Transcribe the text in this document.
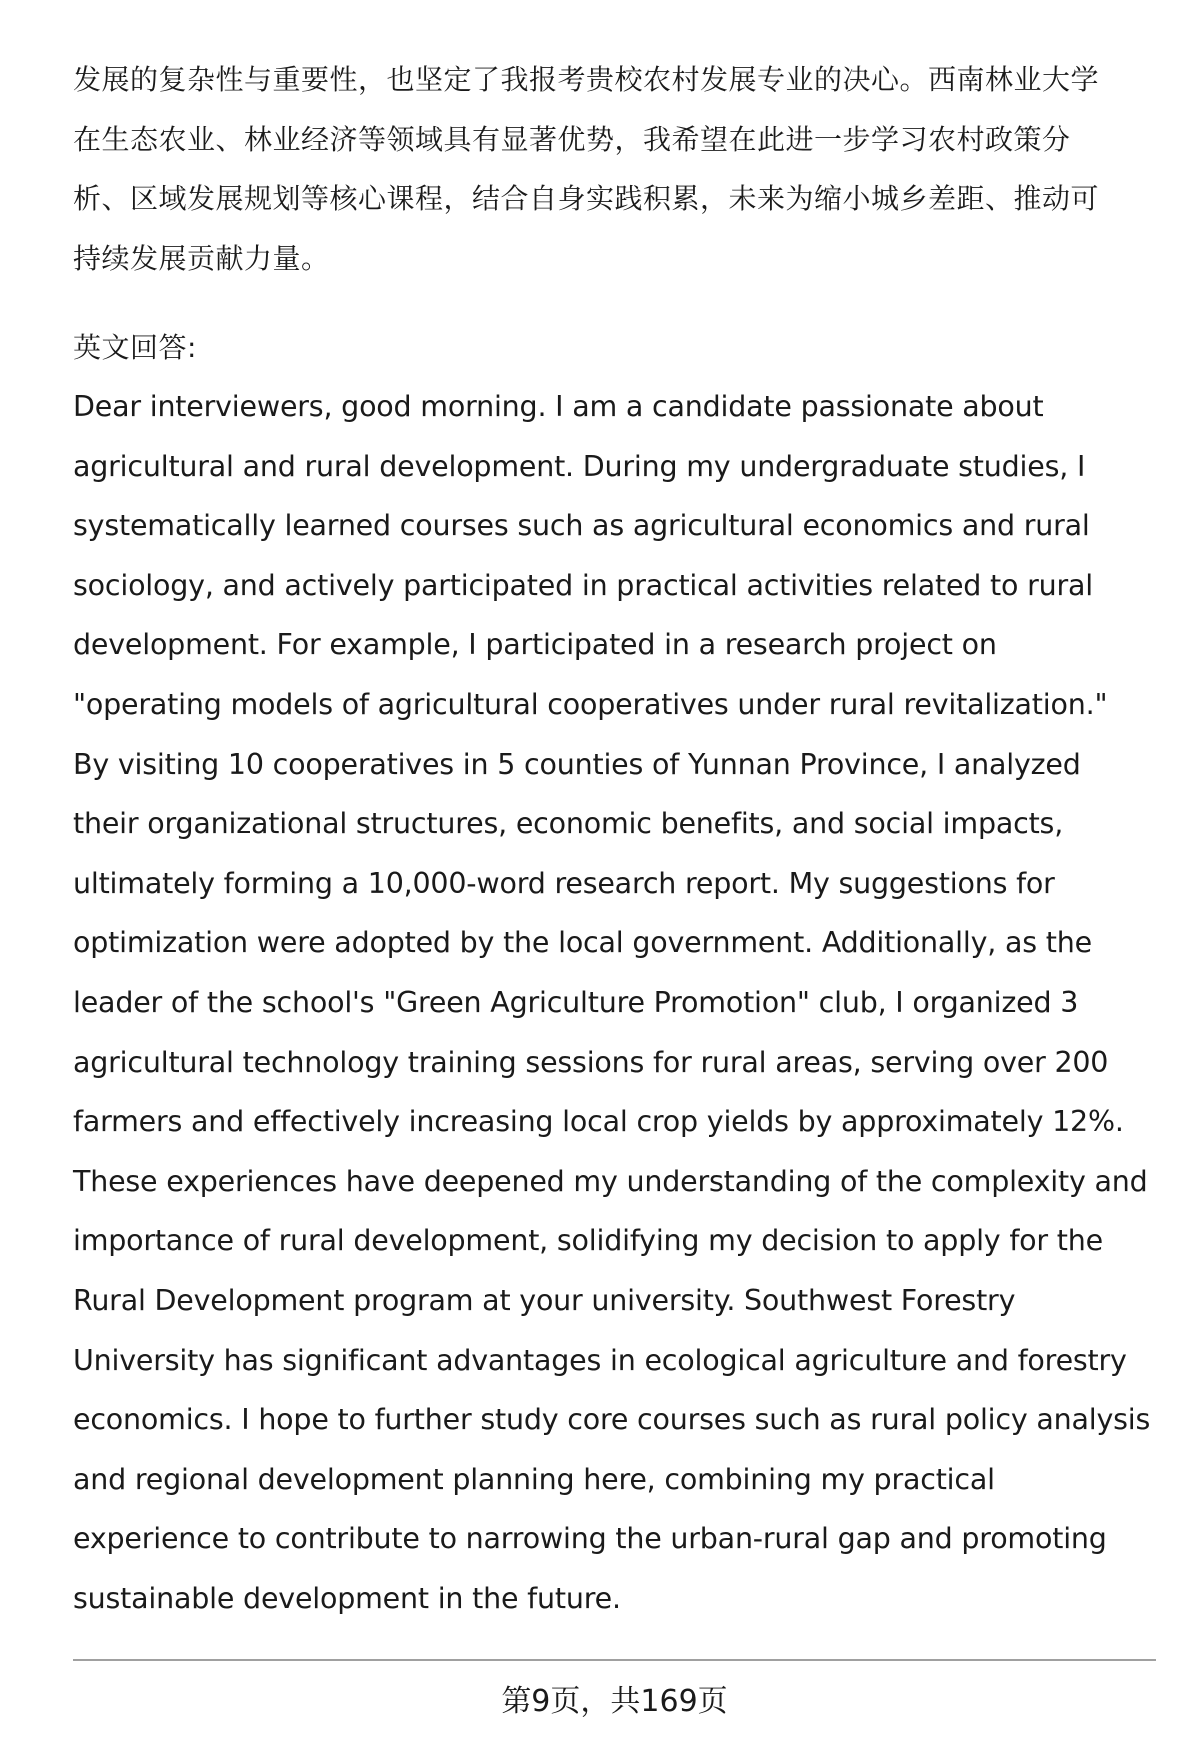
发展的复杂性与重要性，也坚定了我报考贵校农村发展专业的决心。西南林业大学
在生态农业、林业经济等领域具有显著优势，我希望在此进一步学习农村政策分
析、区域发展规划等核心课程，结合自身实践积累，未来为缩小城乡差距、推动可
持续发展贡献力量。
英文回答:
Dear interviewers, good morning. I am a candidate passionate about
agricultural and rural development. During my undergraduate studies, I
systematically learned courses such as agricultural economics and rural
sociology, and actively participated in practical activities related to rural
development. For example, I participated in a research project on
"operating models of agricultural cooperatives under rural revitalization."
By visiting 10 cooperatives in 5 counties of Yunnan Province, I analyzed
their organizational structures, economic benefits, and social impacts,
ultimately forming a 10,000-word research report. My suggestions for
optimization were adopted by the local government. Additionally, as the
leader of the school's "Green Agriculture Promotion" club, I organized 3
agricultural technology training sessions for rural areas, serving over 200
farmers and effectively increasing local crop yields by approximately 12%.
These experiences have deepened my understanding of the complexity and
importance of rural development, solidifying my decision to apply for the
Rural Development program at your university. Southwest Forestry
University has significant advantages in ecological agriculture and forestry
economics. I hope to further study core courses such as rural policy analysis
and regional development planning here, combining my practical
experience to contribute to narrowing the urban-rural gap and promoting
sustainable development in the future.
第9页，共169页
